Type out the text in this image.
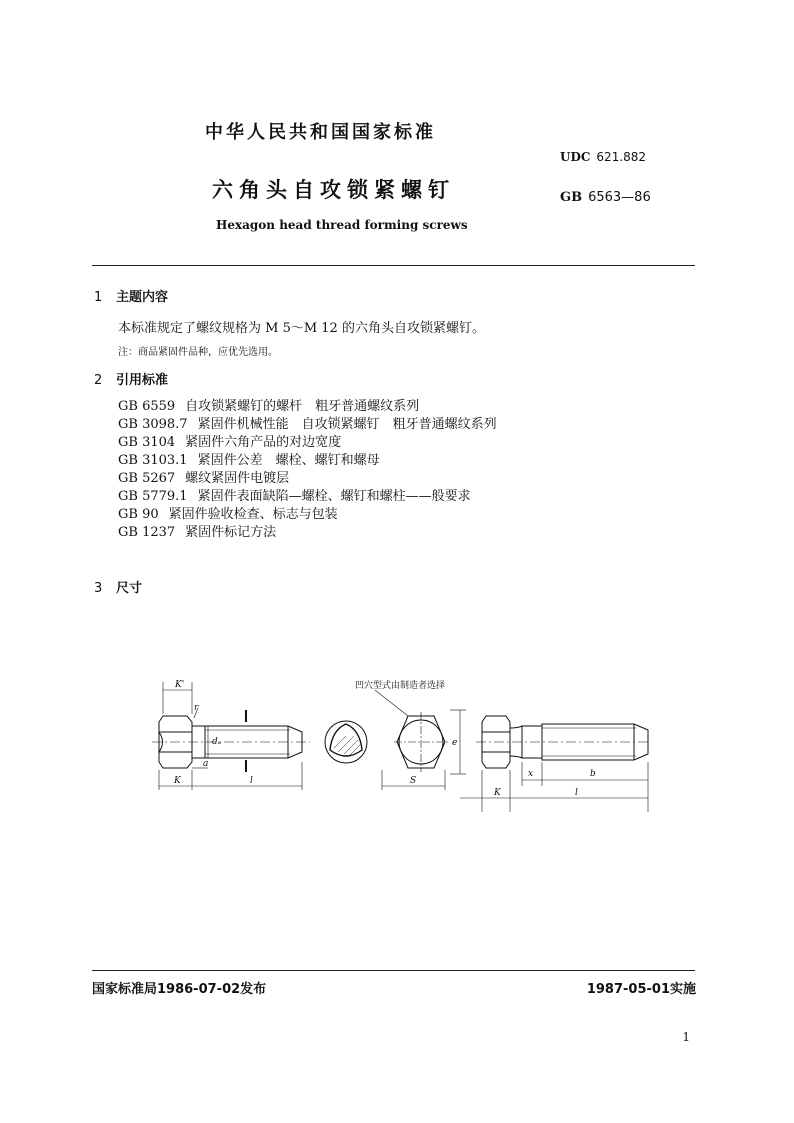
中华人民共和国国家标准
六角头自攻锁紧螺钉
Hexagon head thread forming screws
UDC 621.882
GB 6563—86
1 主题内容
本标准规定了螺纹规格为 M 5～M 12 的六角头自攻锁紧螺钉。
注：商品紧固件品种，应优先选用。
2 引用标准
GB 6559 自攻锁紧螺钉的螺杆　粗牙普通螺纹系列
GB 3098.7 紧固件机械性能　自攻锁紧螺钉　粗牙普通螺纹系列
GB 3104 紧固件六角产品的对边宽度
GB 3103.1 紧固件公差　螺栓、螺钉和螺母
GB 5267 螺纹紧固件电镀层
GB 5779.1 紧固件表面缺陷—螺栓、螺钉和螺柱——般要求
GB 90 紧固件验收检查、标志与包装
GB 1237 紧固件标记方法
3 尺寸
凹穴型式由制造者选择
K'
r
dₐ
a
K	l	S
e
x	b
K	l
国家标准局1986-07-02发布	1987-05-01实施
1
